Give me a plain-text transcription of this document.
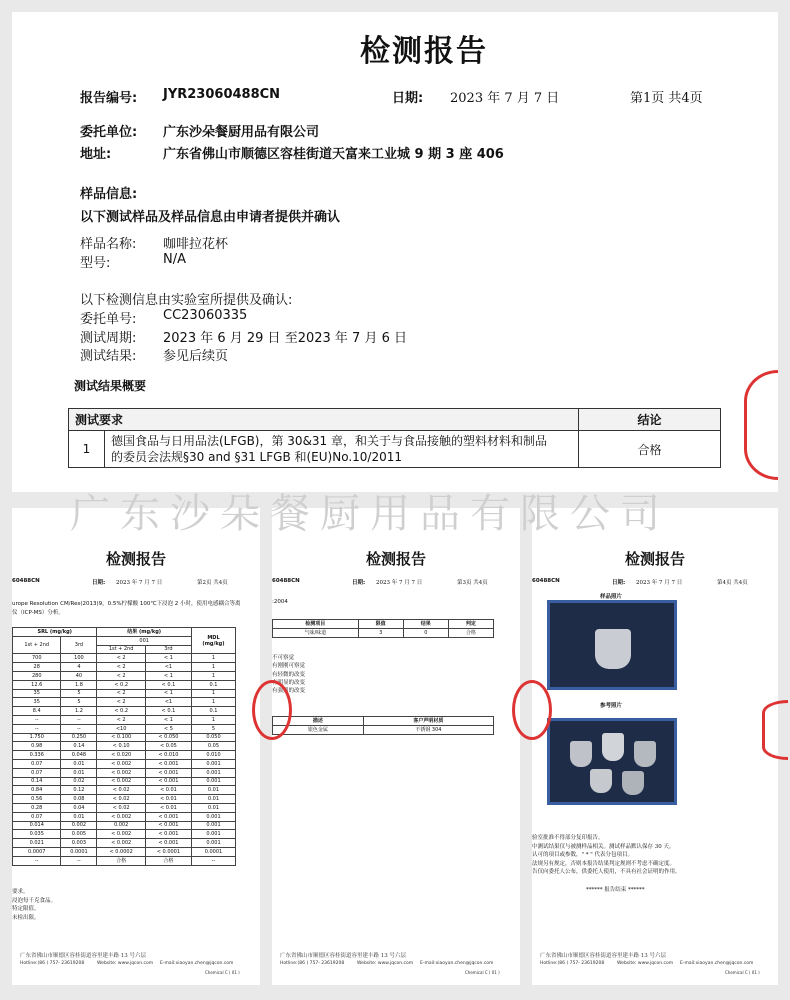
检测报告
报告编号: JYR23060488CN	日期: 2023 年 7 月 7 日	第1页 共4页
委托单位: 广东沙朵餐厨用品有限公司
地址:	广东省佛山市顺德区容桂街道天富来工业城 9 期 3 座 406
样品信息:
以下测试样品及样品信息由申请者提供并确认
样品名称: 咖啡拉花杯
型号:	N/A
以下检测信息由实验室所提供及确认:
委托单号: CC23060335
测试周期: 2023 年 6 月 29 日 至2023 年 7 月 6 日
测试结果: 参见后续页
测试结果概要
测试要求		结论
1	德国食品与日用品法(LFGB)，第 30&31 章，和关于与食品接触的塑料材料和制品
的委员会法规§30 and §31 LFGB 和(EU)No.10/2011	合格
检测报告
60488CN	日期: 2023 年 7 月 7 日	第2页 共4页
urope Resolution CM/Res(2013)9，0.5%柠檬酸 100℃下浸泡 2 小时，使用电感耦合等离
仪（ICP-MS）分析。
SRL (mg/kg)		结果 (mg/kg)		MDL
(mg/kg)

1st + 2nd	3rd	001		
		1st + 2nd	3rd	
700	100	< 2	< 1	1
28	4	< 2	<1	1
280	40	< 2	< 1	1
12.6	1.8	< 0.2	< 0.1	0.1
35	5	< 2	< 1	1
35	5	< 2	<1	1
8.4	1.2	< 0.2	< 0.1	0.1
--	--	< 2	< 1	1
--	--	<10	< 5	5
1.750	0.250	< 0.100	< 0.050	0.050
0.98	0.14	< 0.10	< 0.05	0.05
0.336	0.048	< 0.020	< 0.010	0.010
0.07	0.01	< 0.002	< 0.001	0.001
0.07	0.01	< 0.002	< 0.001	0.001
0.14	0.02	< 0.002	< 0.001	0.001
0.84	0.12	< 0.02	< 0.01	0.01
0.56	0.08	< 0.02	< 0.01	0.01
0.28	0.04	< 0.02	< 0.01	0.01
0.07	0.01	< 0.002	< 0.001	0.001
0.014	0.002	0.002	< 0.001	0.001
0.035	0.005	< 0.002	< 0.001	0.001
0.021	0.003	< 0.002	< 0.001	0.001
0.0007	0.0001	< 0.0002	< 0.0001	0.0001
--	--	合格	合格	--
要求。
浸泡每千克食品。
特定限值。
未检出限。
广东省佛山市顺德区容桂街道容里建丰路 13 号六层
Hotline:(86 ) 757- 23619208	Website: www.jqcon.com E-mail:xiaoyan.chen@jqcon.com
Chemical C ( 01 )
检测报告
60488CN	日期: 2023 年 7 月 7 日	第3页 共4页
:2004
检测项目	限值	结果	判定
气味/味道	3	0	合格
不可察觉
有刚刚可察觉
有轻微的改变
有明显的改变
有强烈的改变
描述	客户声明材质
银色金属	不锈钢 304
广东省佛山市顺德区容桂街道容里建丰路 13 号六层
Hotline:(86 ) 757- 23619208	Website: www.jqcon.com E-mail:xiaoyan.chen@jqcon.com
Chemical C ( 01 )
检测报告
60488CN	日期: 2023 年 7 月 7 日	第4页 共4页
样品照片
参考照片
验室批准不得部分复印报告。
中测试结果仅与被测样品相关。测试样品默认保存 30 天。
认可的项目或参数，" * " 代表分包项目。
法规另有规定，否则本报告结果判定规则不考虑不确定度。
告仅向委托人公布，供委托人使用，不具有社会证明的作用。
****** 报告结束 ******
广东省佛山市顺德区容桂街道容里建丰路 13 号六层
Hotline:(86 ) 757- 23619208	Website: www.jqcon.com E-mail:xiaoyan.chen@jqcon.com
Chemical C ( 01 )
广东沙朵餐厨用品有限公司
